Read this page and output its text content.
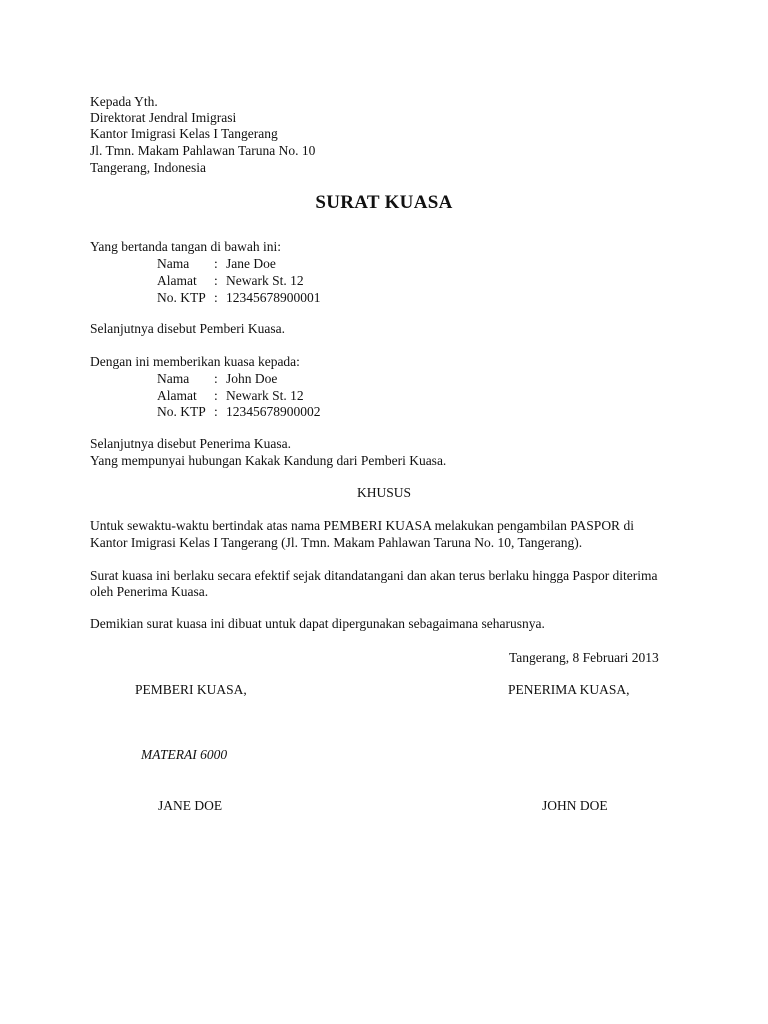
Kepada Yth.
Direktorat Jendral Imigrasi
Kantor Imigrasi Kelas I Tangerang
Jl. Tmn. Makam Pahlawan Taruna No. 10
Tangerang, Indonesia
SURAT KUASA
Yang bertanda tangan di bawah ini:
Nama : Jane Doe
Alamat : Newark St. 12
No. KTP : 12345678900001
Selanjutnya disebut Pemberi Kuasa.
Dengan ini memberikan kuasa kepada:
Nama : John Doe
Alamat : Newark St. 12
No. KTP : 12345678900002
Selanjutnya disebut Penerima Kuasa.
Yang mempunyai hubungan Kakak Kandung dari Pemberi Kuasa.
KHUSUS
Untuk sewaktu-waktu bertindak atas nama PEMBERI KUASA melakukan pengambilan PASPOR di
Kantor Imigrasi Kelas I Tangerang (Jl. Tmn. Makam Pahlawan Taruna No. 10, Tangerang).
Surat kuasa ini berlaku secara efektif sejak ditandatangani dan akan terus berlaku hingga Paspor diterima
oleh Penerima Kuasa.
Demikian surat kuasa ini dibuat untuk dapat dipergunakan sebagaimana seharusnya.
Tangerang, 8 Februari 2013
PEMBERI KUASA,	PENERIMA KUASA,
MATERAI 6000
JANE DOE	JOHN DOE
